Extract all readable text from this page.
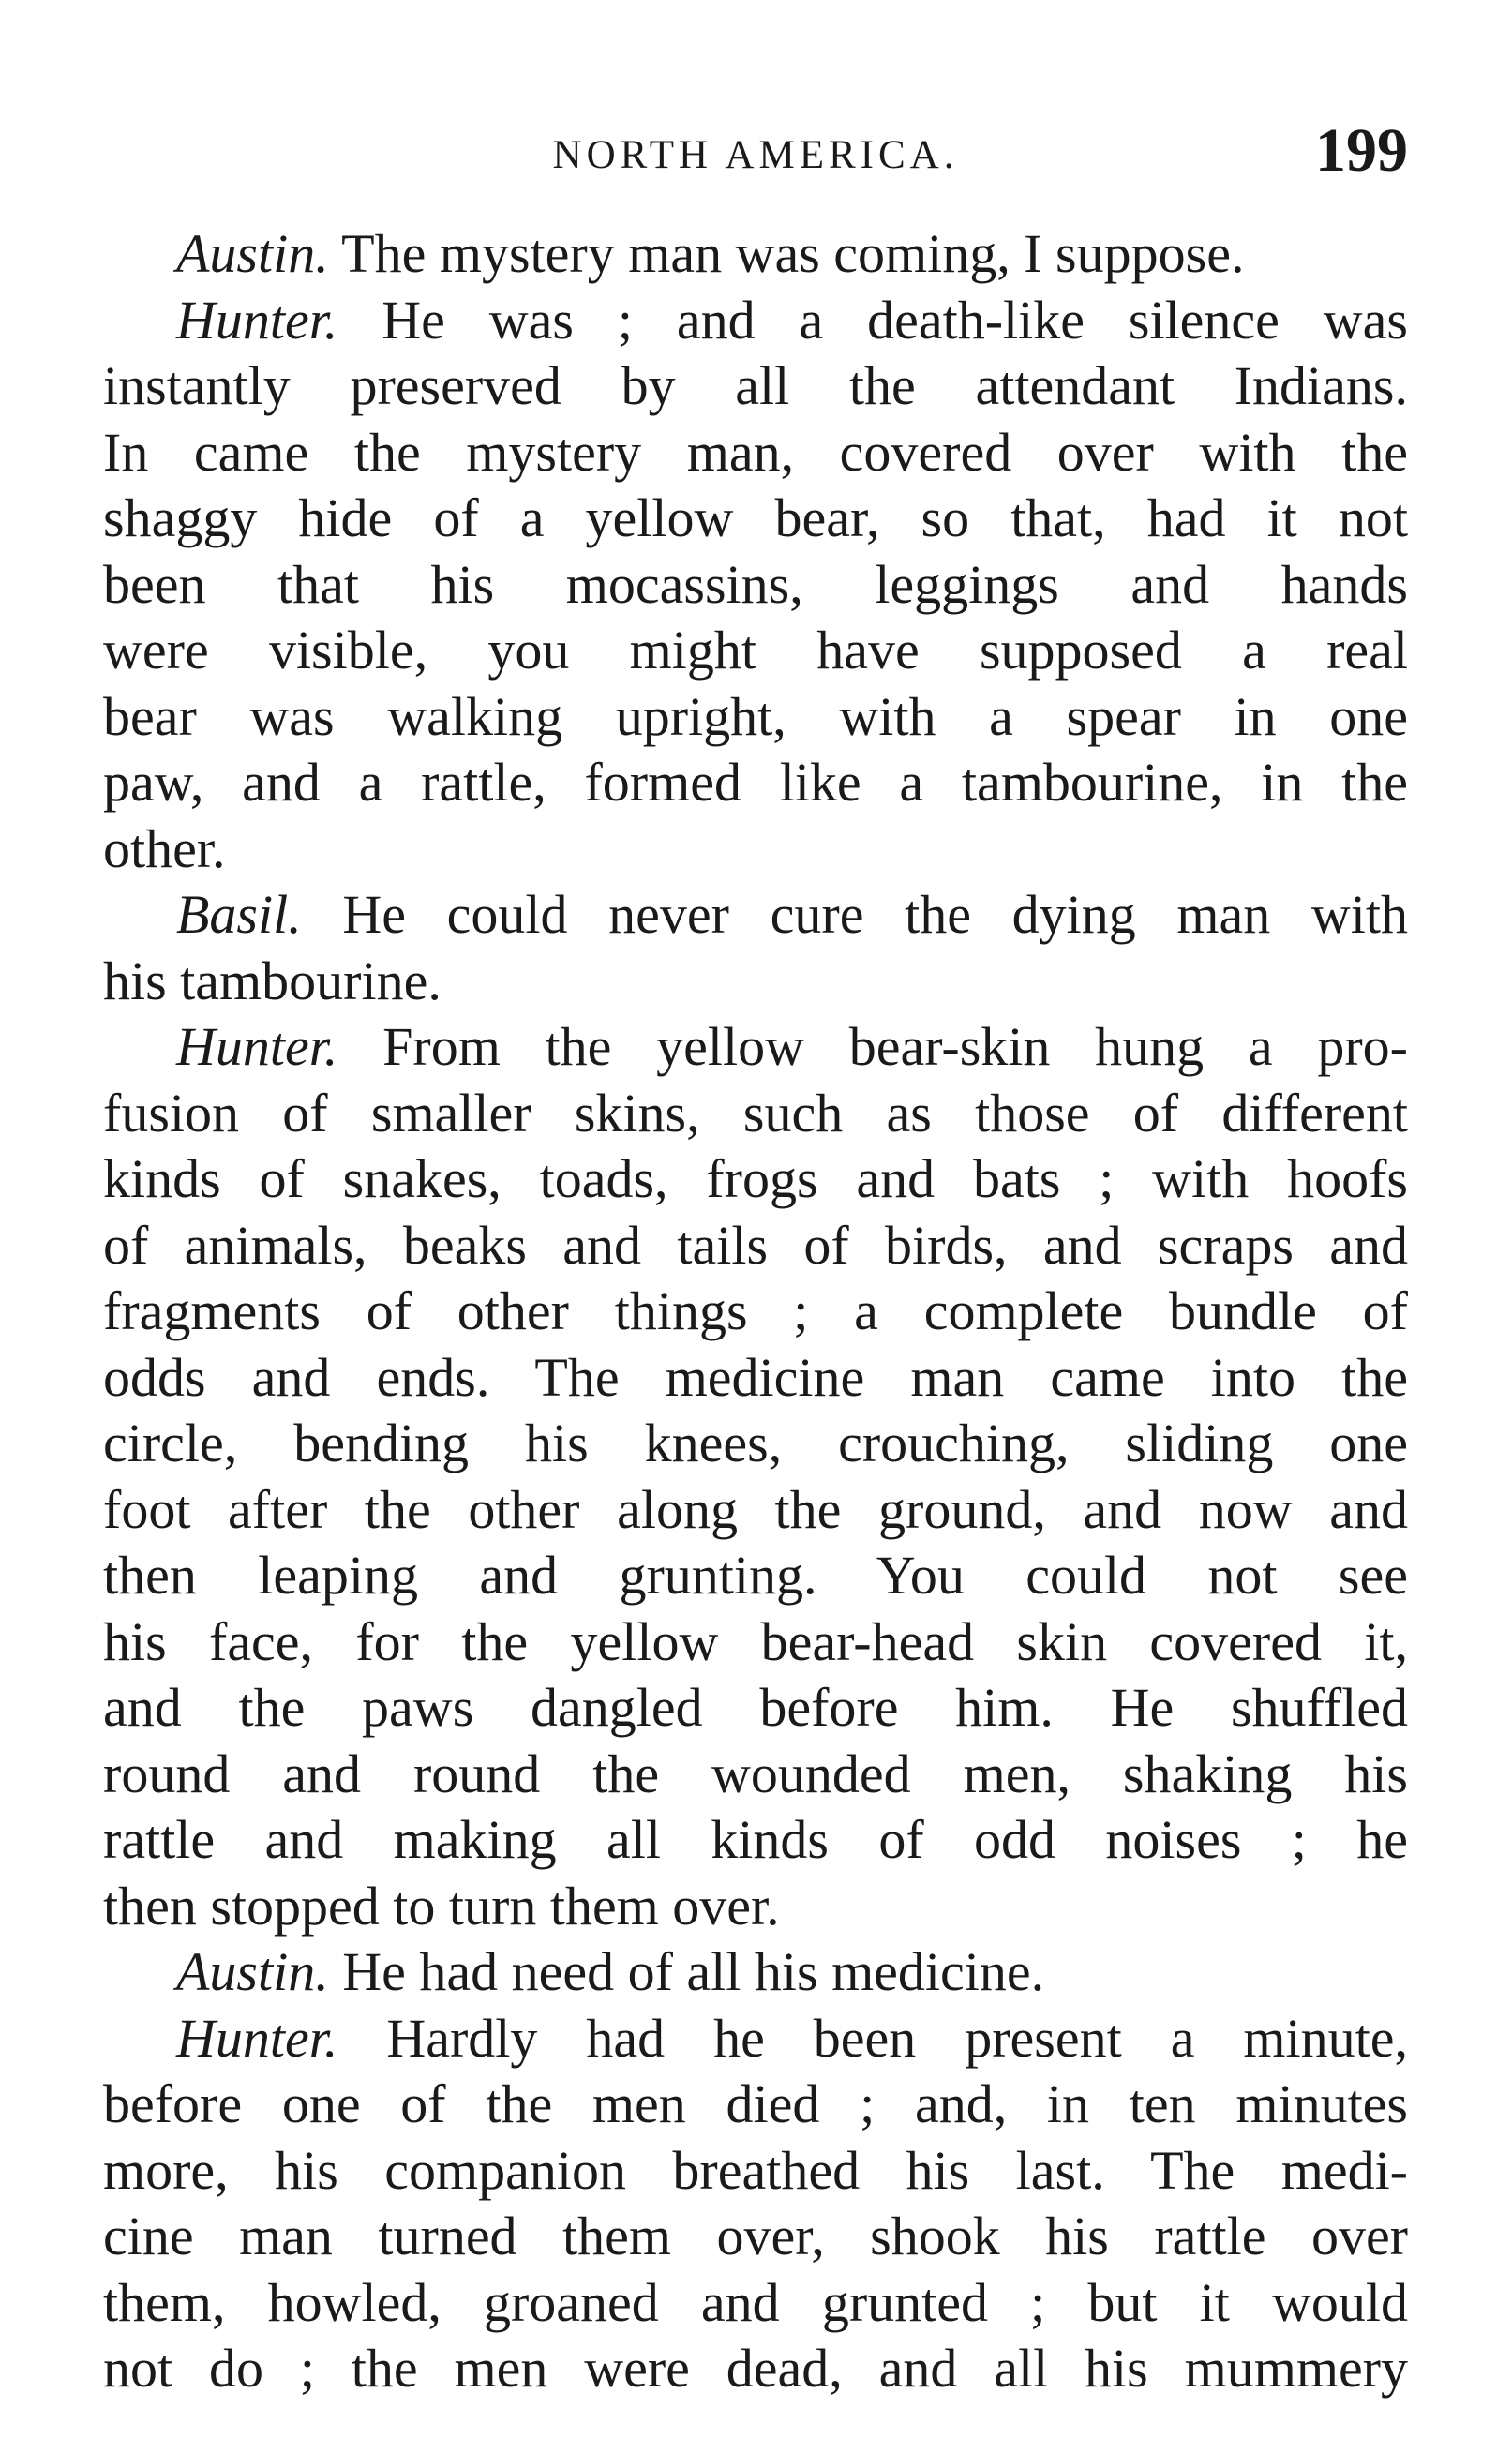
NORTH AMERICA.	199
Austin. The mystery man was coming, I suppose.
Hunter. He was ; and a death-like silence was
instantly preserved by all the attendant Indians.
In came the mystery man, covered over with the
shaggy hide of a yellow bear, so that, had it not
been that his mocassins, leggings and hands
were visible, you might have supposed a real
bear was walking upright, with a spear in one
paw, and a rattle, formed like a tambourine, in the
other.
Basil. He could never cure the dying man with
his tambourine.
Hunter. From the yellow bear-skin hung a pro-
fusion of smaller skins, such as those of different
kinds of snakes, toads, frogs and bats ; with hoofs
of animals, beaks and tails of birds, and scraps and
fragments of other things ; a complete bundle of
odds and ends. The medicine man came into the
circle, bending his knees, crouching, sliding one
foot after the other along the ground, and now and
then leaping and grunting. You could not see
his face, for the yellow bear-head skin covered it,
and the paws dangled before him. He shuffled
round and round the wounded men, shaking his
rattle and making all kinds of odd noises ; he
then stopped to turn them over.
Austin. He had need of all his medicine.
Hunter. Hardly had he been present a minute,
before one of the men died ; and, in ten minutes
more, his companion breathed his last. The medi-
cine man turned them over, shook his rattle over
them, howled, groaned and grunted ; but it would
not do ; the men were dead, and all his mummery
